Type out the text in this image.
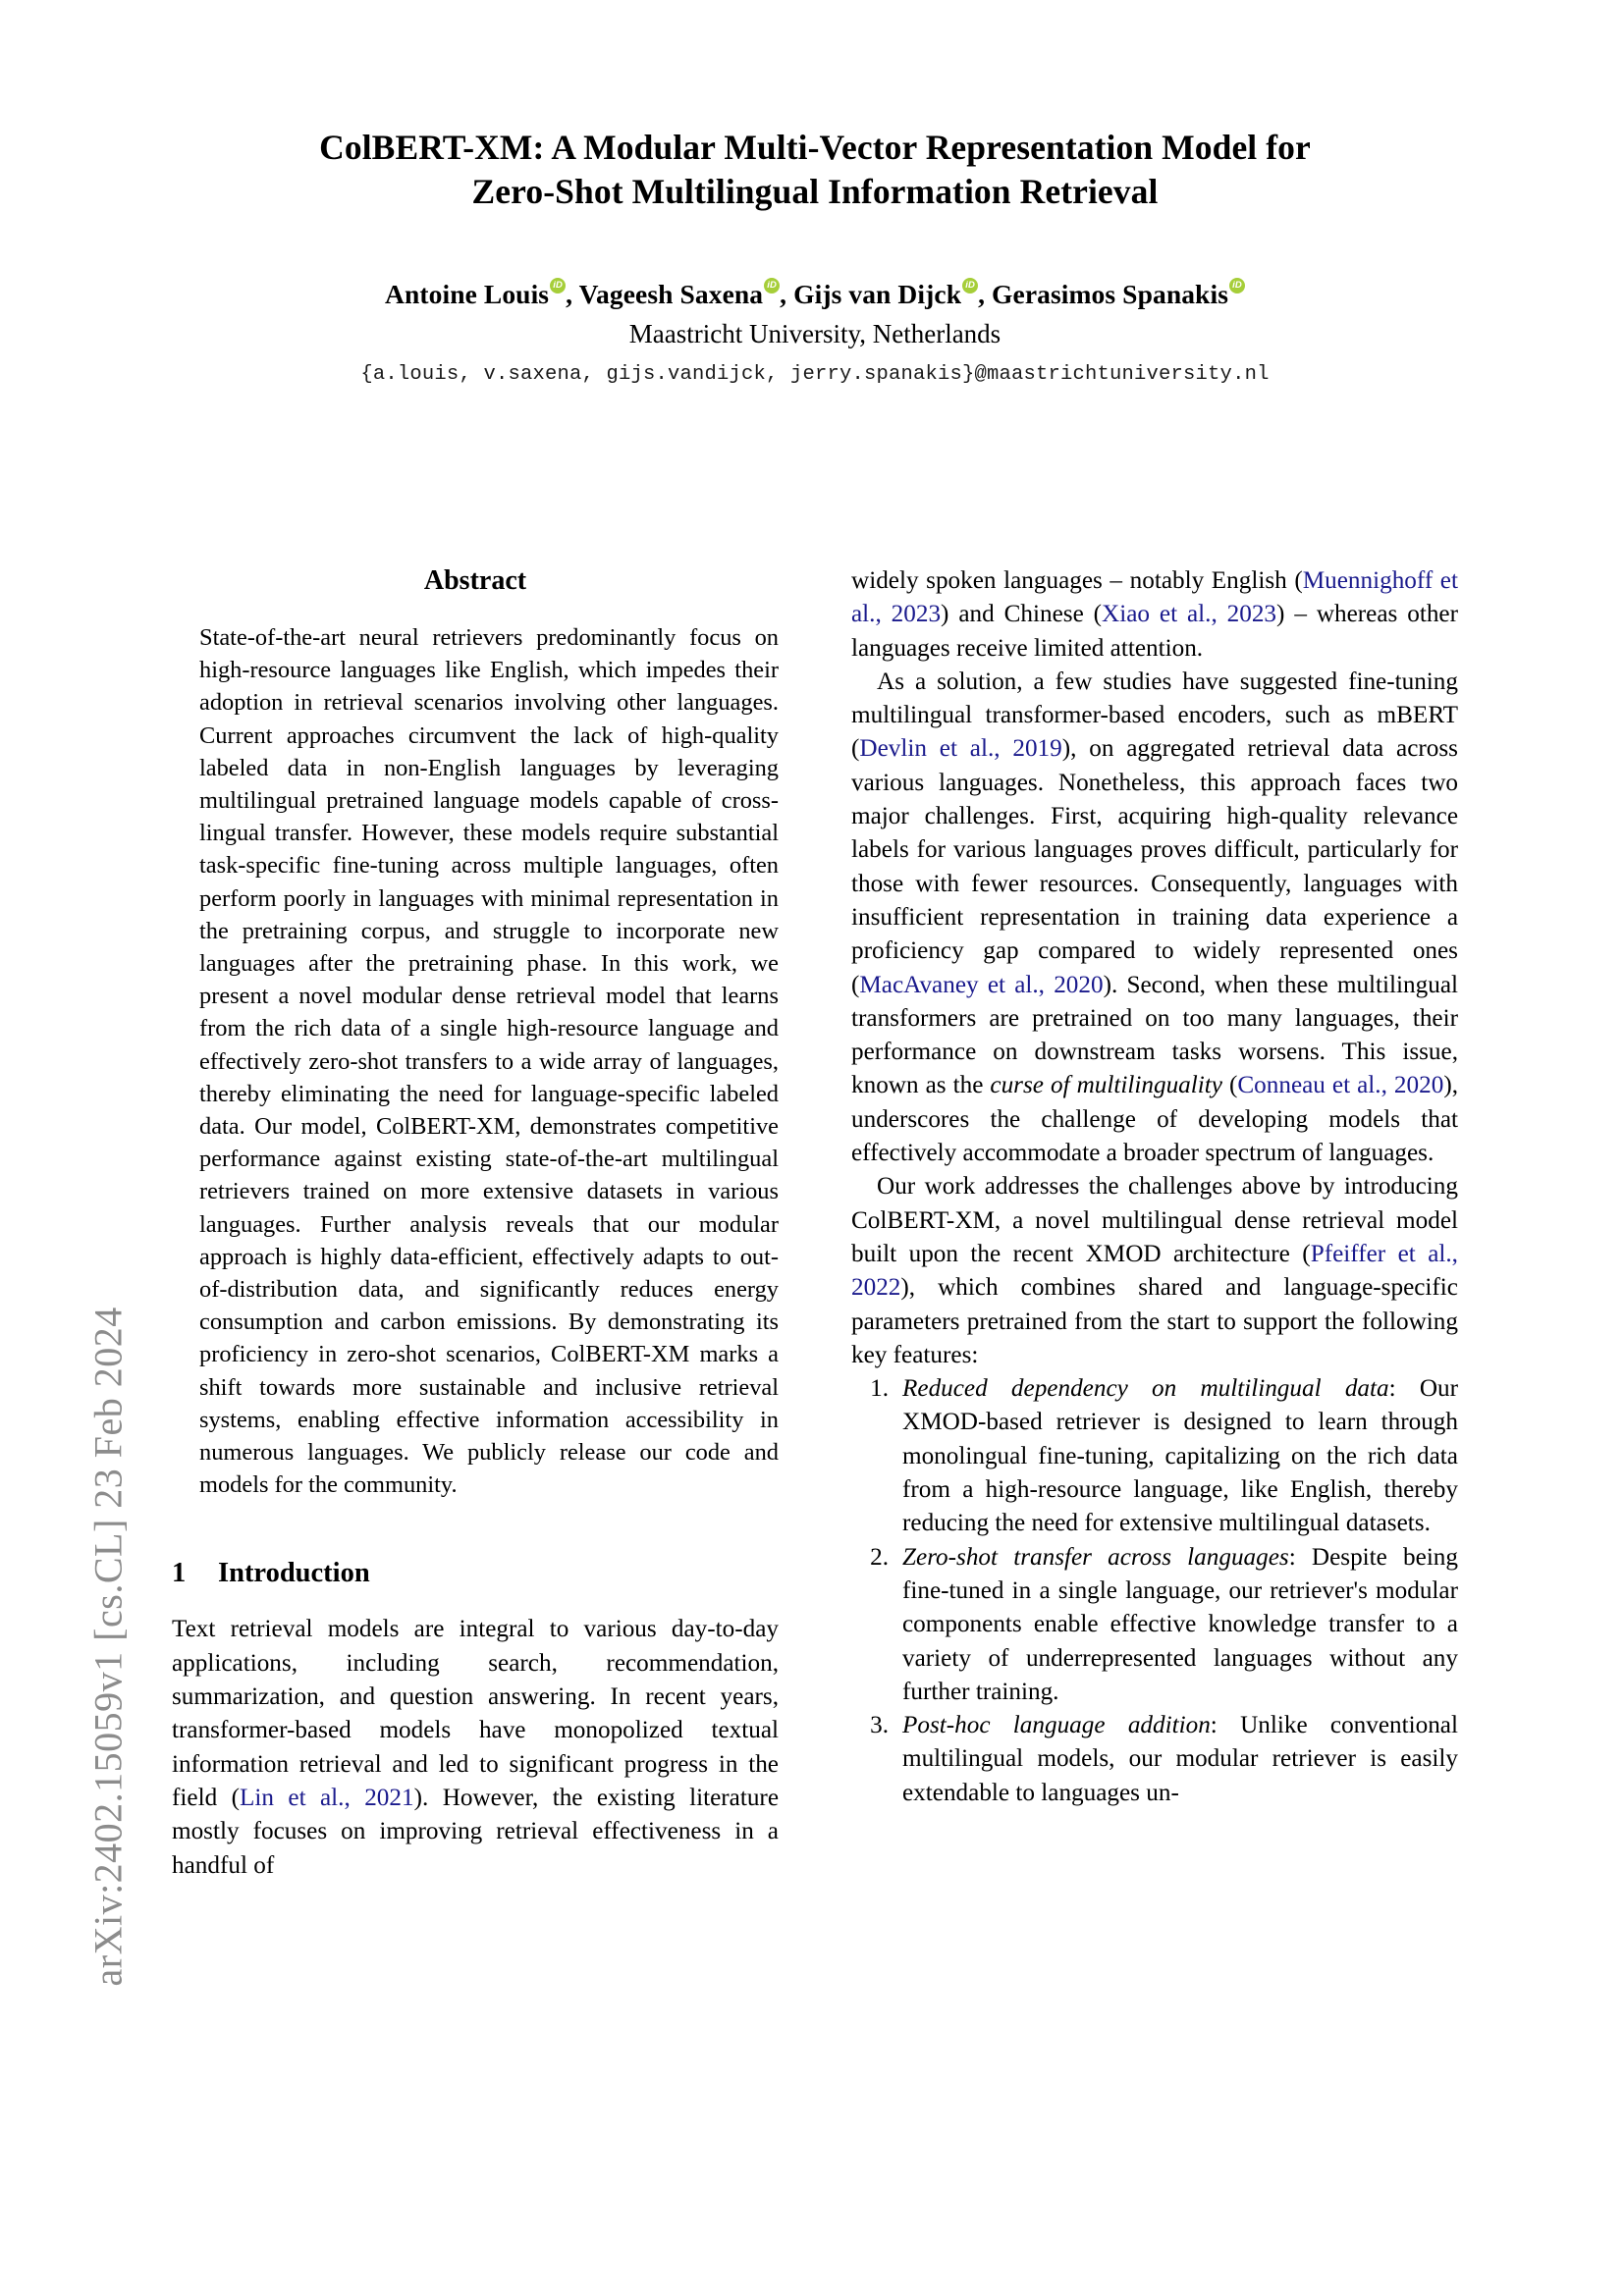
arXiv:2402.15059v1 [cs.CL] 23 Feb 2024
ColBERT-XM: A Modular Multi-Vector Representation Model for
Zero-Shot Multilingual Information Retrieval
Antoine Louis , Vageesh Saxena , Gijs van Dijck , Gerasimos Spanakis
Maastricht University, Netherlands
{a.louis, v.saxena, gijs.vandijck, jerry.spanakis}@maastrichtuniversity.nl
Abstract

State-of-the-art neural retrievers predominantly focus on high-resource languages like English, which impedes their adoption in retrieval scenarios involving other languages. Current approaches circumvent the lack of high-quality labeled data in non-English languages by leveraging multilingual pretrained language models capable of cross-lingual transfer. However, these models require substantial task-specific fine-tuning across multiple languages, often perform poorly in languages with minimal representation in the pretraining corpus, and struggle to incorporate new languages after the pretraining phase. In this work, we present a novel modular dense retrieval model that learns from the rich data of a single high-resource language and effectively zero-shot transfers to a wide array of languages, thereby eliminating the need for language-specific labeled data. Our model, ColBERT-XM, demonstrates competitive performance against existing state-of-the-art multilingual retrievers trained on more extensive datasets in various languages. Further analysis reveals that our modular approach is highly data-efficient, effectively adapts to out-of-distribution data, and significantly reduces energy consumption and carbon emissions. By demonstrating its proficiency in zero-shot scenarios, ColBERT-XM marks a shift towards more sustainable and inclusive retrieval systems, enabling effective information accessibility in numerous languages. We publicly release our code and models for the community.

1 Introduction

Text retrieval models are integral to various day-to-day applications, including search, recommendation, summarization, and question answering. In recent years, transformer-based models have monopolized textual information retrieval and led to significant progress in the field (Lin et al., 2021). However, the existing literature mostly focuses on improving retrieval effectiveness in a handful of

widely spoken languages – notably English (Muennighoff et al., 2023) and Chinese (Xiao et al., 2023) – whereas other languages receive limited attention.

As a solution, a few studies have suggested fine-tuning multilingual transformer-based encoders, such as mBERT (Devlin et al., 2019), on aggregated retrieval data across various languages. Nonetheless, this approach faces two major challenges. First, acquiring high-quality relevance labels for various languages proves difficult, particularly for those with fewer resources. Consequently, languages with insufficient representation in training data experience a proficiency gap compared to widely represented ones (MacAvaney et al., 2020). Second, when these multilingual transformers are pretrained on too many languages, their performance on downstream tasks worsens. This issue, known as the curse of multilinguality (Conneau et al., 2020), underscores the challenge of developing models that effectively accommodate a broader spectrum of languages.

Our work addresses the challenges above by introducing ColBERT-XM, a novel multilingual dense retrieval model built upon the recent XMOD architecture (Pfeiffer et al., 2022), which combines shared and language-specific parameters pretrained from the start to support the following key features:

1. Reduced dependency on multilingual data: Our XMOD-based retriever is designed to learn through monolingual fine-tuning, capitalizing on the rich data from a high-resource language, like English, thereby reducing the need for extensive multilingual datasets.
2. Zero-shot transfer across languages: Despite being fine-tuned in a single language, our retriever's modular components enable effective knowledge transfer to a variety of underrepresented languages without any further training.
3. Post-hoc language addition: Unlike conventional multilingual models, our modular retriever is easily extendable to languages un-
